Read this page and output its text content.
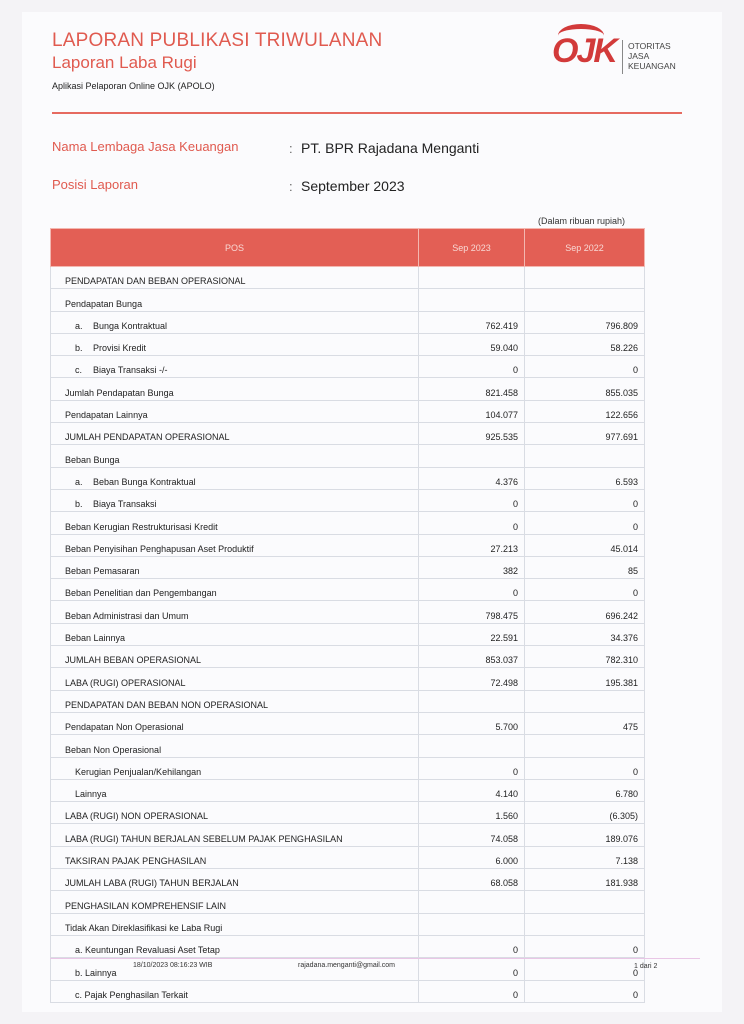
LAPORAN PUBLIKASI TRIWULANAN
Laporan Laba Rugi
Aplikasi Pelaporan Online OJK (APOLO)
OJK OTORITAS
JASA
KEUANGAN
Nama Lembaga Jasa Keuangan	: PT. BPR Rajadana Menganti
Posisi Laporan	: September 2023
(Dalam ribuan rupiah)
POS	Sep 2023	Sep 2022
PENDAPATAN DAN BEBAN OPERASIONAL		
Pendapatan Bunga		
a. Bunga Kontraktual	762.419	796.809
b. Provisi Kredit	59.040	58.226
c. Biaya Transaksi -/-	0	0
Jumlah Pendapatan Bunga	821.458	855.035
Pendapatan Lainnya	104.077	122.656
JUMLAH PENDAPATAN OPERASIONAL	925.535	977.691
Beban Bunga		
a. Beban Bunga Kontraktual	4.376	6.593
b. Biaya Transaksi	0	0
Beban Kerugian Restrukturisasi Kredit	0	0
Beban Penyisihan Penghapusan Aset Produktif	27.213	45.014
Beban Pemasaran	382	85
Beban Penelitian dan Pengembangan	0	0
Beban Administrasi dan Umum	798.475	696.242
Beban Lainnya	22.591	34.376
JUMLAH BEBAN OPERASIONAL	853.037	782.310
LABA (RUGI) OPERASIONAL	72.498	195.381
PENDAPATAN DAN BEBAN NON OPERASIONAL		
Pendapatan Non Operasional	5.700	475
Beban Non Operasional		
Kerugian Penjualan/Kehilangan	0	0
Lainnya	4.140	6.780
LABA (RUGI) NON OPERASIONAL	1.560	(6.305)
LABA (RUGI) TAHUN BERJALAN SEBELUM PAJAK PENGHASILAN	74.058	189.076
TAKSIRAN PAJAK PENGHASILAN	6.000	7.138
JUMLAH LABA (RUGI) TAHUN BERJALAN	68.058	181.938
PENGHASILAN KOMPREHENSIF LAIN		
Tidak Akan Direklasifikasi ke Laba Rugi		
a. Keuntungan Revaluasi Aset Tetap	0	0
b. Lainnya	0	0
c. Pajak Penghasilan Terkait	0	0
18/10/2023 08:16:23 WIB	rajadana.menganti@gmail.com	1 dari 2
